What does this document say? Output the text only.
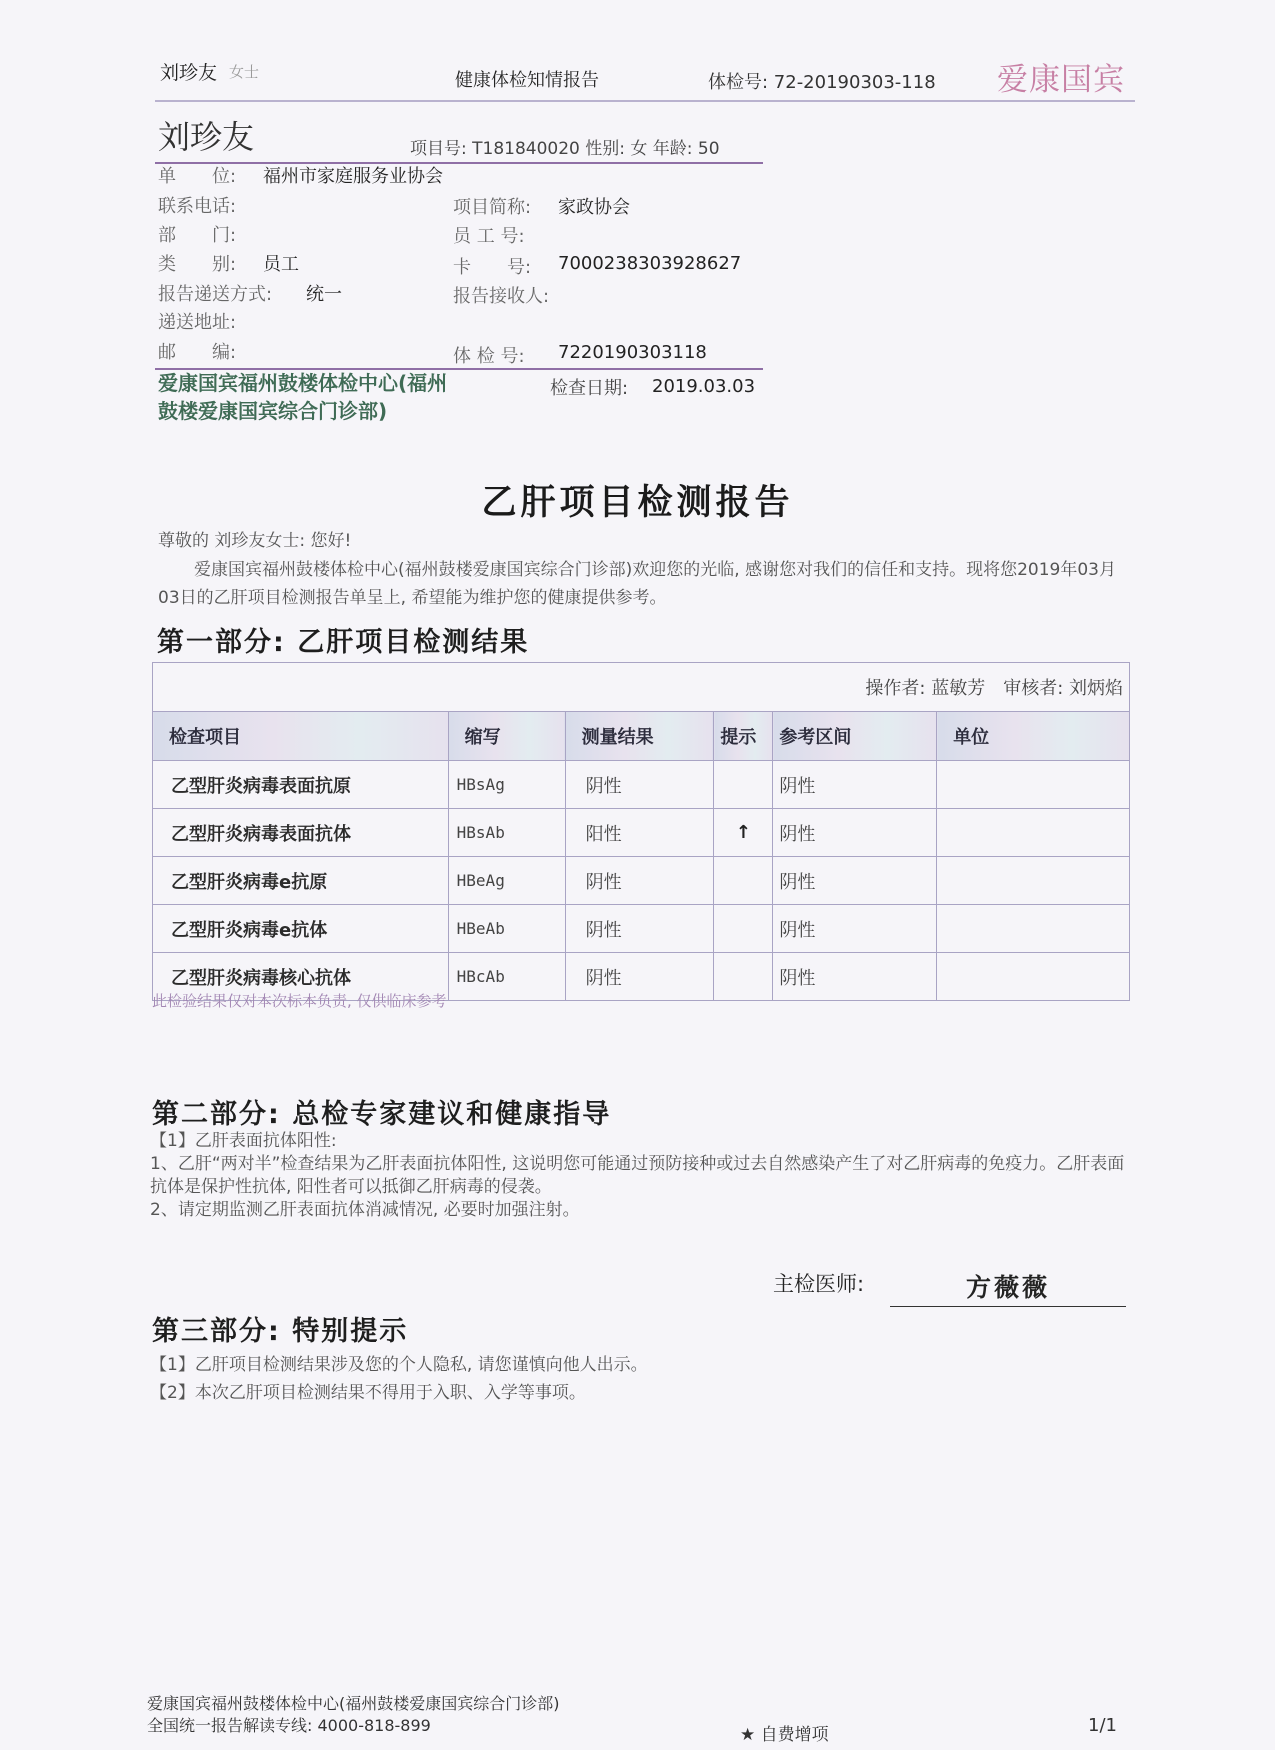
刘珍友 女士	健康体检知情报告	体检号: 72-20190303-118 爱康国宾
刘珍友	项目号: T181840020 性别: 女 年龄: 50
单　　位: 福州市家庭服务业协会
联系电话:
部　　门:
类　　别: 员工
报告递送方式: 统一
递送地址:
邮　　编:
项目简称: 家政协会
员 工 号:
卡　　号: 7000238303928627
报告接收人:
体 检 号: 7220190303118
爱康国宾福州鼓楼体检中心(福州鼓楼爱康国宾综合门诊部)
检查日期: 2019.03.03
乙肝项目检测报告
尊敬的 刘珍友女士: 您好!
爱康国宾福州鼓楼体检中心(福州鼓楼爱康国宾综合门诊部)欢迎您的光临, 感谢您对我们的信任和支持。现将您2019年03月03日的乙肝项目检测报告单呈上, 希望能为维护您的健康提供参考。
第一部分: 乙肝项目检测结果
操作者: 蓝敏芳　审核者: 刘炳焰					
检查项目	缩写	测量结果	提示	参考区间	单位
乙型肝炎病毒表面抗原	HBsAg	阴性		阴性	
乙型肝炎病毒表面抗体	HBsAb	阳性	↑	阴性	
乙型肝炎病毒e抗原	HBeAg	阴性		阴性	
乙型肝炎病毒e抗体	HBeAb	阴性		阴性	
乙型肝炎病毒核心抗体	HBcAb	阴性		阴性	
此检验结果仅对本次标本负责, 仅供临床参考
第二部分: 总检专家建议和健康指导
【1】乙肝表面抗体阳性:
1、乙肝“两对半”检查结果为乙肝表面抗体阳性, 这说明您可能通过预防接种或过去自然感染产生了对乙肝病毒的免疫力。乙肝表面抗体是保护性抗体, 阳性者可以抵御乙肝病毒的侵袭。
2、请定期监测乙肝表面抗体消减情况, 必要时加强注射。
主检医师:	方薇薇
第三部分: 特别提示
【1】乙肝项目检测结果涉及您的个人隐私, 请您谨慎向他人出示。
【2】本次乙肝项目检测结果不得用于入职、入学等事项。
爱康国宾福州鼓楼体检中心(福州鼓楼爱康国宾综合门诊部)
全国统一报告解读专线: 4000-818-899	★ 自费增项	1/1
